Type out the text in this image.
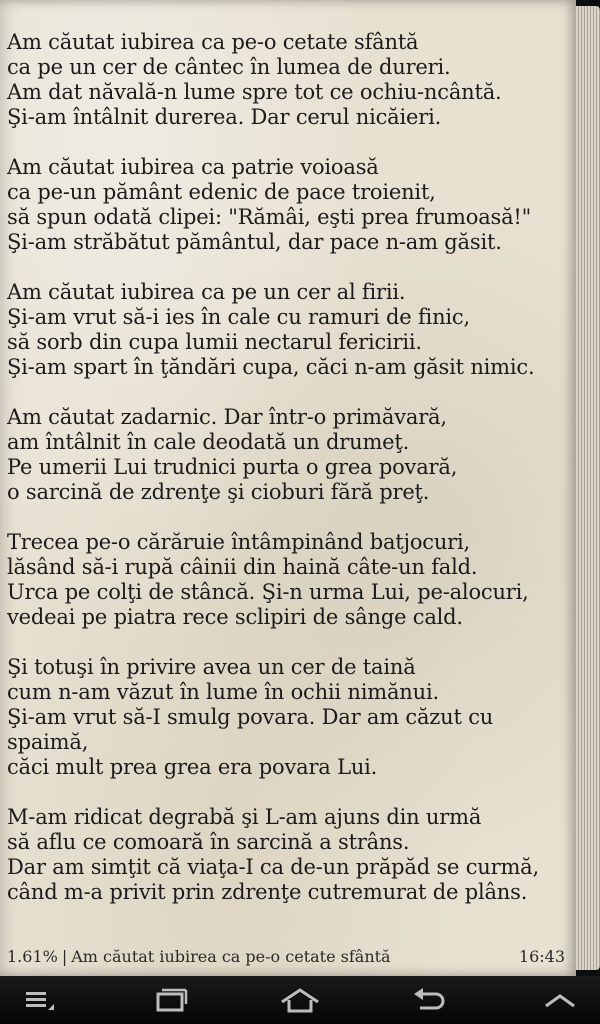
Am căutat iubirea ca pe-o cetate sfântă
ca pe un cer de cântec în lumea de dureri.
Am dat năvală-n lume spre tot ce ochiu-ncântă.
Şi-am întâlnit durerea. Dar cerul nicăieri.
Am căutat iubirea ca patrie voioasă
ca pe-un pământ edenic de pace troienit,
să spun odată clipei: "Rămâi, eşti prea frumoasă!"
Şi-am străbătut pământul, dar pace n-am găsit.
Am căutat iubirea ca pe un cer al firii.
Şi-am vrut să-i ies în cale cu ramuri de finic,
să sorb din cupa lumii nectarul fericirii.
Şi-am spart în ţăndări cupa, căci n-am găsit nimic.
Am căutat zadarnic. Dar într-o primăvară,
am întâlnit în cale deodată un drumeţ.
Pe umerii Lui trudnici purta o grea povară,
o sarcină de zdrenţe şi cioburi fără preţ.
Trecea pe-o cărăruie întâmpinând batjocuri,
lăsând să-i rupă câinii din haină câte-un fald.
Urca pe colţi de stâncă. Şi-n urma Lui, pe-alocuri,
vedeai pe piatra rece sclipiri de sânge cald.
Şi totuşi în privire avea un cer de taină
cum n-am văzut în lume în ochii nimănui.
Şi-am vrut să-I smulg povara. Dar am căzut cu
spaimă,
căci mult prea grea era povara Lui.
M-am ridicat degrabă şi L-am ajuns din urmă
să aflu ce comoară în sarcină a strâns.
Dar am simţit că viaţa-I ca de-un prăpăd se curmă,
când m-a privit prin zdrenţe cutremurat de plâns.
1.61% | Am căutat iubirea ca pe-o cetate sfântă	16:43
